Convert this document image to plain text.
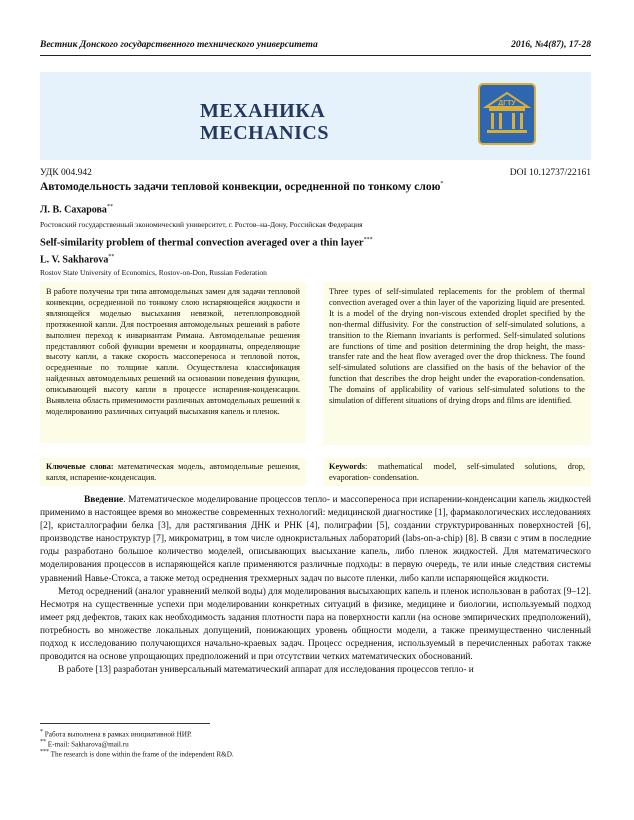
Вестник Донского государственного технического университета	2016, №4(87), 17-28
МЕХАНИКА
MECHANICS
ДГТУ
УДК 004.942	DOI 10.12737/22161
Автомодельность задачи тепловой конвекции, осредненной по тонкому слою*
Л. В. Сахарова**
Ростовский государственный экономический университет, г. Ростов–на-Дону, Российская Федерация
Self-similarity problem of thermal convection averaged over a thin layer***
L. V. Sakharova**
Rostov State University of Economics, Rostov-on-Don, Russian Federation
В работе получены три типа автомодельных замен для задачи тепловой конвекции, осредненной по тонкому слою испаряющейся жидкости и являющейся моделью высыхания невязкой, нетеплопроводной протяженной капли. Для построения автомодельных решений в работе выполнен переход к инвариантам Римана. Автомодельные решения представляют собой функции времени и координаты, определяющие высоту капли, а также скорость массопереноса и тепловой поток, осредненные по толщине капли. Осуществлена классификация найденных автомодельных решений на основании поведения функции, описывающей высоту капли в процессе испарения-конденсации. Выявлена область применимости различных автомодельных решений к моделированию различных ситуаций высыхания капель и пленок.
Three types of self-simulated replacements for the problem of thermal convection averaged over a thin layer of the vaporizing liquid are presented. It is a model of the drying non-viscous extended droplet specified by the non-thermal diffusivity. For the construction of self-simulated solutions, a transition to the Riemann invariants is performed. Self-simulated solutions are functions of time and position determining the drop height, the mass-transfer rate and the heat flow averaged over the drop thickness. The found self-simulated solutions are classified on the basis of the behavior of the function that describes the drop height under the evaporation-condensation. The domains of applicability of various self-simulated solutions to the simulation of different situations of drying drops and films are identified.
Ключевые слова: математическая модель, автомодельные решения, капля, испарение-конденсация.
Keywords: mathematical model, self-simulated solutions, drop, evaporation- condensation.

Введение. Математическое моделирование процессов тепло- и массопереноса при испарении-конденсации капель жидкостей применимо в настоящее время во множестве современных технологий: медицинской диагностике [1], фармакологических исследованиях [2], кристаллографии белка [3], для растягивания ДНК и РНК [4], полиграфии [5], создании структурированных поверхностей [6], производстве наноструктур [7], микроматриц, в том числе однокристальных лабораторий (labs-on-a-chip) [8]. В связи с этим в последние годы разработано большое количество моделей, описывающих высыхание капель, либо пленок жидкостей. Для математического моделирования процессов в испаряющейся капле применяются различные подходы: в первую очередь, те или иные следствия системы уравнений Навье-Стокса, а также метод осреднения трехмерных задач по высоте пленки, либо капли испаряющейся жидкости.

Метод осреднений (аналог уравнений мелкой воды) для моделирования высыхающих капель и пленок использован в работах [9–12]. Несмотря на существенные успехи при моделировании конкретных ситуаций в физике, медицине и биологии, используемый подход имеет ряд дефектов, таких как необходимость задания плотности пара на поверхности капли (на основе эмпирических предположений), потребность во множестве локальных допущений, понижающих уровень общности модели, а также преимущественно численный подход к исследованию получающихся начально-краевых задач. Процесс осреднения, используемый в перечисленных работах также проводится на основе упрощающих предположений и при отсутствии четких математических обоснований.

В работе [13] разработан универсальный математический аппарат для исследования процессов тепло- и

* Работа выполнена в рамках инициативной НИР.
** E-mail: Sakharova@mail.ru
*** The research is done within the frame of the independent R&D.
